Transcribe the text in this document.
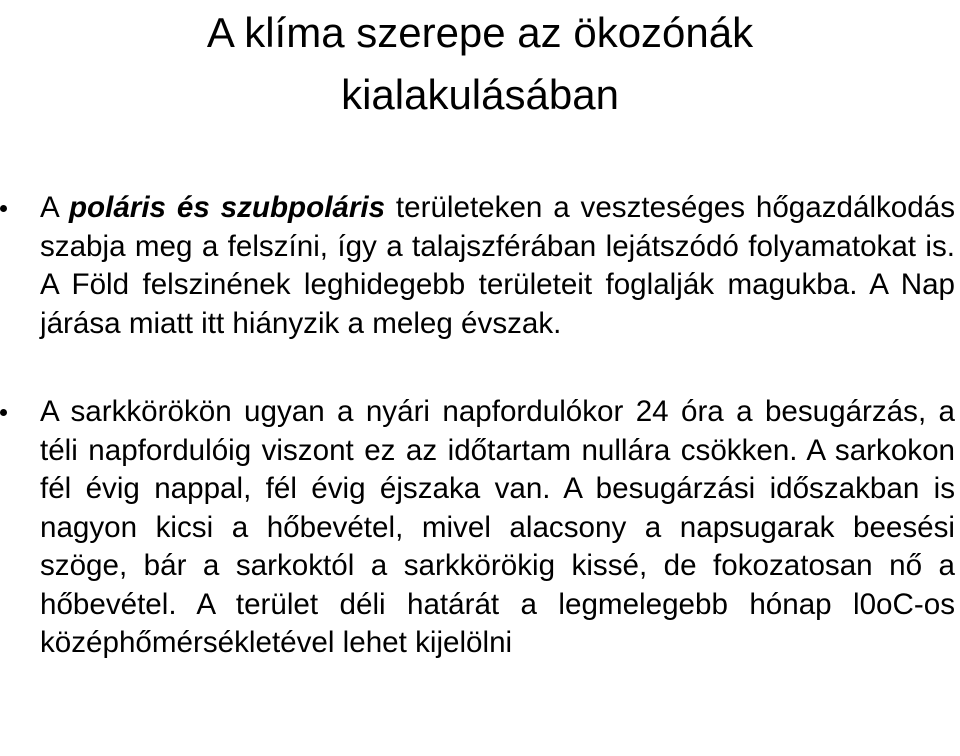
A klíma szerepe az ökozónák
kialakulásában
A poláris és szubpoláris területeken a veszteséges hőgazdálkodás szabja meg a felszíni, így a talajszférában lejátszódó folyamatokat is. A Föld felszinének leghidegebb területeit foglalják magukba. A Nap járása miatt itt hiányzik a meleg évszak.
A sarkkörökön ugyan a nyári napfordulókor 24 óra a besugárzás, a téli napfordulóig viszont ez az időtartam nullára csökken. A sarkokon fél évig nappal, fél évig éjszaka van. A besugárzási időszakban is nagyon kicsi a hőbevétel, mivel alacsony a napsugarak beesési szöge, bár a sarkoktól a sarkkörökig kissé, de fokozatosan nő a hőbevétel. A terület déli határát a legmelegebb hónap l0oC-os középhőmérsékletével lehet kijelölni
